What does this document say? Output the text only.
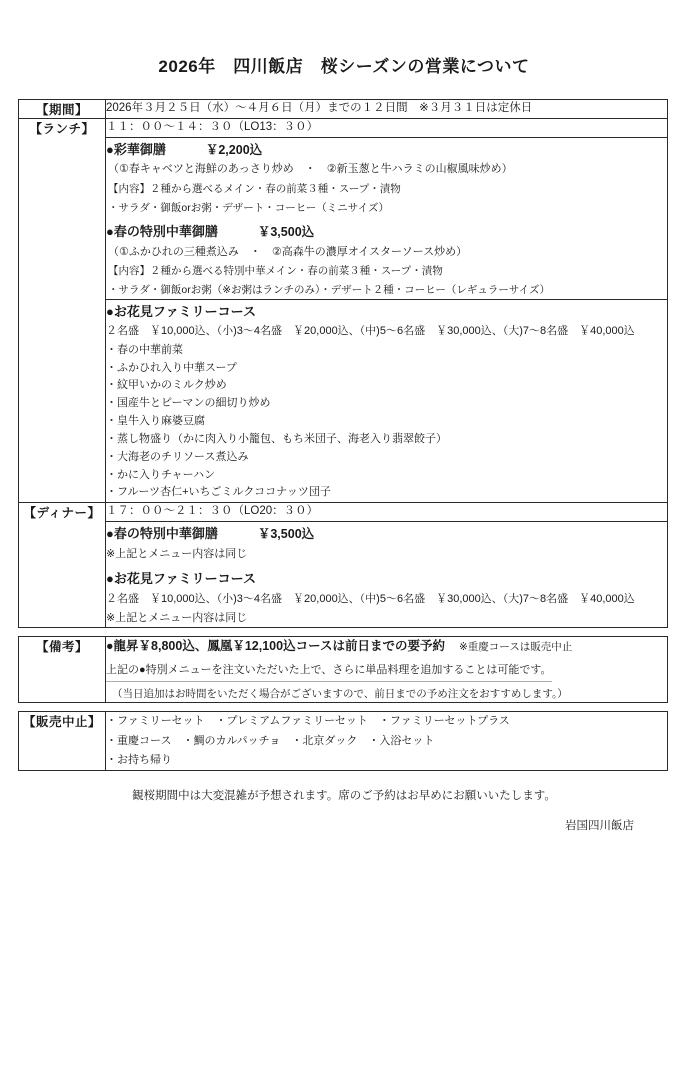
2026年　四川飯店　桜シーズンの営業について
【期間】	2026年３月２５日（水）～４月６日（月）までの１２日間　※３月３１日は定休日
【ランチ】	１１：００～１４：３０（LO13：３０）

●彩華御膳	￥2,200込
（①春キャベツと海鮮のあっさり炒め　・　②新玉葱と牛ハラミの山椒風味炒め）
【内容】２種から選べるメイン・春の前菜３種・スープ・漬物
・サラダ・御飯orお粥・デザート・コーヒー（ミニサイズ）
●春の特別中華御膳	￥3,500込
（①ふかひれの三種煮込み　・　②高森牛の濃厚オイスターソース炒め）
【内容】２種から選べる特別中華メイン・春の前菜３種・スープ・漬物
・サラダ・御飯orお粥（※お粥はランチのみ）・デザート２種・コーヒー（レギュラーサイズ）

●お花見ファミリーコース
２名盛　￥10,000込、（小)3～4名盛　￥20,000込、（中)5～6名盛　￥30,000込、（大)7～8名盛　￥40,000込
・ 春の中華前菜
・ ふかひれ入り中華スープ
・ 紋甲いかのミルク炒め
・ 国産牛とピーマンの細切り炒め
・ 皇牛入り麻婆豆腐
・ 蒸し物盛り（かに肉入り小籠包、もち米団子、海老入り翡翠餃子）
・ 大海老のチリソース煮込み
・ かに入りチャーハン
・ フルーツ杏仁+いちごミルクココナッツ団子
【ディナー】	１７：００～２１：３０（LO20：３０）

●春の特別中華御膳	￥3,500込
※上記とメニュー内容は同じ
●お花見ファミリーコース
２名盛　￥10,000込、（小)3～4名盛　￥20,000込、（中)5～6名盛　￥30,000込、（大)7～8名盛　￥40,000込
※上記とメニュー内容は同じ
【備考】	●龍昇￥8,800込、鳳凰￥12,100込コースは前日までの要予約 ※重慶コースは販売中止
上記の●特別メニューを注文いただいた上で、さらに単品料理を追加することは可能です。
（当日追加はお時間をいただく場合がございますので、前日までの予め注文をおすすめします。）
【販売中止】	・ファミリーセット　・プレミアムファミリーセット　・ファミリーセットプラス
・重慶コース　・鯛のカルパッチョ　・北京ダック　・入浴セット
・お持ち帰り
観桜期間中は大変混雑が予想されます。席のご予約はお早めにお願いいたします。
岩国四川飯店
